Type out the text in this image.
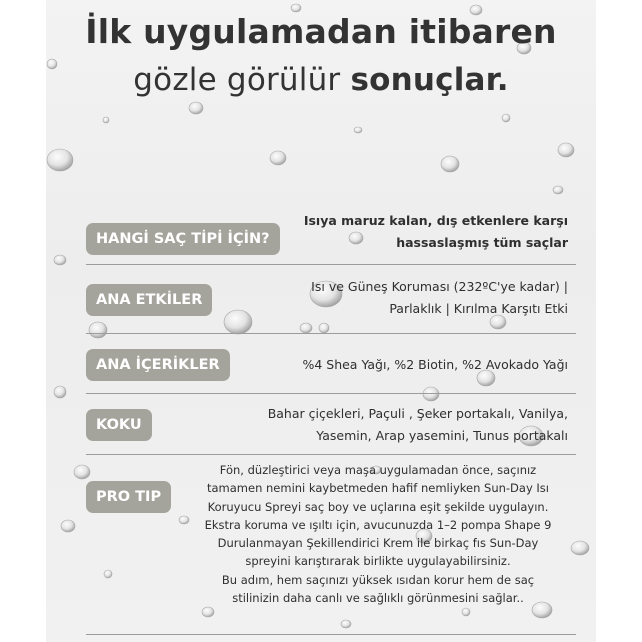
İlk uygulamadan itibaren
gözle görülür sonuçlar.
Isıya maruz kalan, dış etkenlere karşı
hassaslaşmış tüm saçlar
HANGİ SAÇ TİPİ İÇİN?
Isı ve Güneş Koruması (232ºC'ye kadar) |
Parlaklık | Kırılma Karşıtı Etki
ANA ETKİLER
%4 Shea Yağı, %2 Biotin, %2 Avokado Yağı
ANA İÇERİKLER
Bahar çiçekleri, Paçuli , Şeker portakalı, Vanilya,
Yasemin, Arap yasemini, Tunus portakalı
KOKU
Fön, düzleştirici veya maşa uygulamadan önce, saçınız
tamamen nemini kaybetmeden hafif nemliyken Sun-Day Isı
Koruyucu Spreyi saç boy ve uçlarına eşit şekilde uygulayın.
Ekstra koruma ve ışıltı için, avucunuzda 1–2 pompa Shape 9
Durulanmayan Şekillendirici Krem ile birkaç fıs Sun-Day
spreyini karıştırarak birlikte uygulayabilirsiniz.
Bu adım, hem saçınızı yüksek ısıdan korur hem de saç
stilinizin daha canlı ve sağlıklı görünmesini sağlar..
PRO TIP
